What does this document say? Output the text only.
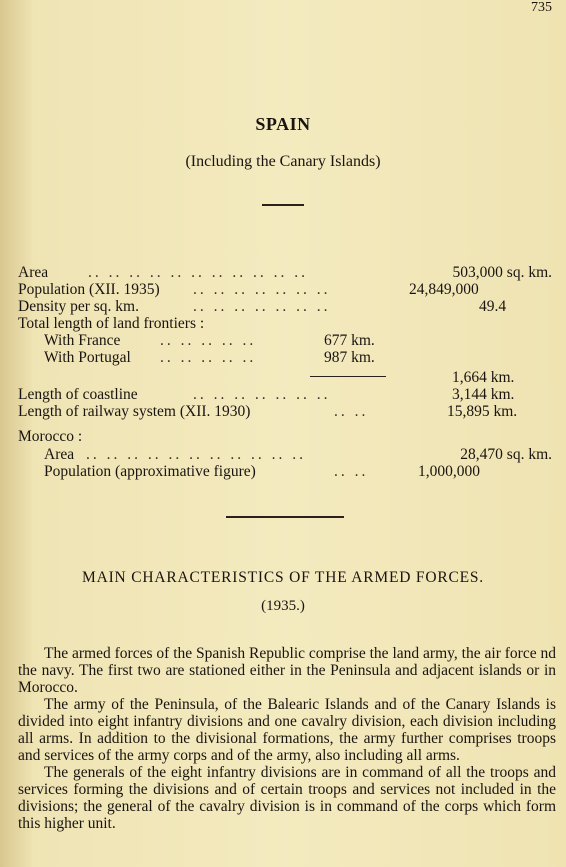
735
SPAIN
(Including the Canary Islands)
Area	.. .. .. .. .. .. .. .. .. .. ..	503,000 sq. km.
Population (XII. 1935) .. .. .. .. .. .. ..	24,849,000
Density per sq. km.	.. .. .. .. .. .. ..	49.4
Total length of land frontiers :
With France	.. .. .. .. ..	677 km.
With Portugal .. .. .. .. ..	987 km.
1,664 km.
Length of coastline	.. .. .. .. .. .. ..	3,144 km.
Length of railway system (XII. 1930)	.. ..	15,895 km.
Morocco :
Area .. .. .. .. .. .. .. .. .. .. ..	28,470 sq. km.
Population (approximative figure)	.. ..	1,000,000
MAIN CHARACTERISTICS OF THE ARMED FORCES.
(1935.)

The armed forces of the Spanish Republic comprise the land army, the air force nd the navy. The first two are stationed either in the Peninsula and adjacent islands or in Morocco.

The army of the Peninsula, of the Balearic Islands and of the Canary Islands is divided into eight infantry divisions and one cavalry division, each division including all arms. In addition to the divisional formations, the army further comprises troops and services of the army corps and of the army, also including all arms.

The generals of the eight infantry divisions are in command of all the troops and services forming the divisions and of certain troops and services not included in the divisions; the general of the cavalry division is in command of the corps which form this higher unit.
